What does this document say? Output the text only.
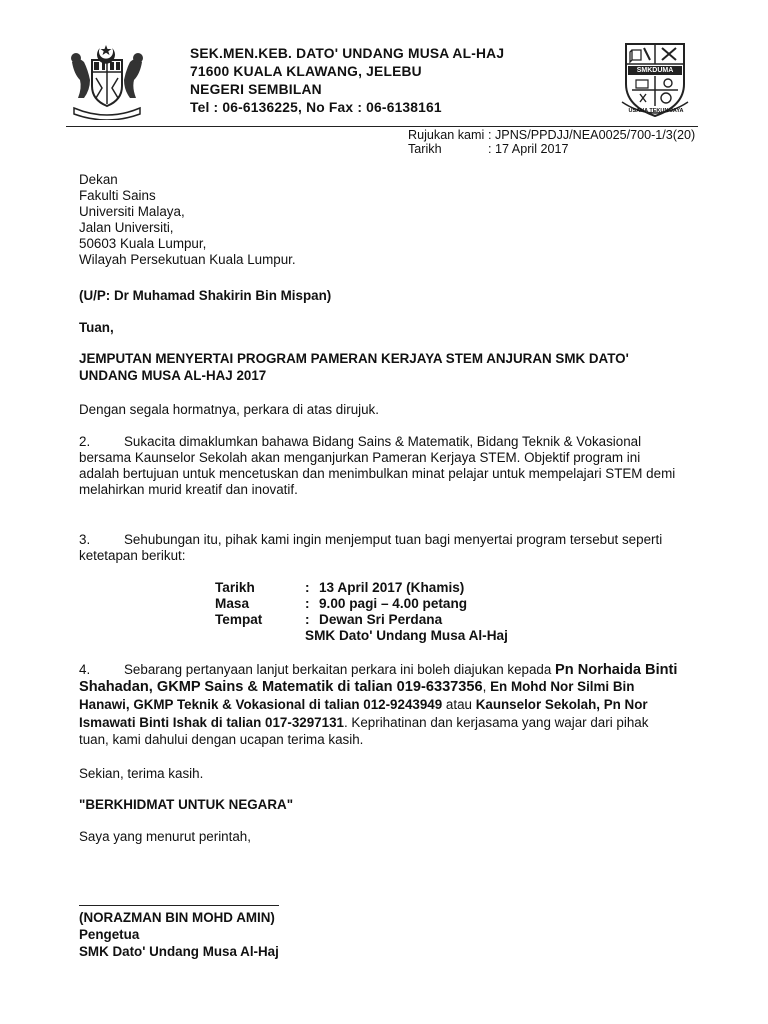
SEK.MEN.KEB. DATO' UNDANG MUSA AL-HAJ
71600 KUALA KLAWANG, JELEBU
NEGERI SEMBILAN
Tel : 06-6136225, No Fax : 06-6138161
SMKDUMA
USAHA TEKUN JAYA
Rujukan kami : JPNS/PPDJJ/NEA0025/700-1/3(20)
Tarikh	: 17 April 2017
Dekan
Fakulti Sains
Universiti Malaya,
Jalan Universiti,
50603 Kuala Lumpur,
Wilayah Persekutuan Kuala Lumpur.
(U/P: Dr Muhamad Shakirin Bin Mispan)
Tuan,
JEMPUTAN MENYERTAI PROGRAM PAMERAN KERJAYA STEM ANJURAN SMK DATO'
UNDANG MUSA AL-HAJ 2017
Dengan segala hormatnya, perkara di atas dirujuk.
2.	Sukacita dimaklumkan bahawa Bidang Sains & Matematik, Bidang Teknik & Vokasional
bersama Kaunselor Sekolah akan menganjurkan Pameran Kerjaya STEM. Objektif program ini
adalah bertujuan untuk mencetuskan dan menimbulkan minat pelajar untuk mempelajari STEM demi
melahirkan murid kreatif dan inovatif.
3.	Sehubungan itu, pihak kami ingin menjemput tuan bagi menyertai program tersebut seperti
ketetapan berikut:
Tarikh	: 13 April 2017 (Khamis)
Masa	: 9.00 pagi – 4.00 petang
Tempat	: Dewan Sri Perdana
SMK Dato' Undang Musa Al-Haj
4.	Sebarang pertanyaan lanjut berkaitan perkara ini boleh diajukan kepada Pn Norhaida Binti
Shahadan, GKMP Sains & Matematik di talian 019-6337356, En Mohd Nor Silmi Bin
Hanawi, GKMP Teknik & Vokasional di talian 012-9243949 atau Kaunselor Sekolah, Pn Nor
Ismawati Binti Ishak di talian 017-3297131. Keprihatinan dan kerjasama yang wajar dari pihak
tuan, kami dahului dengan ucapan terima kasih.
Sekian, terima kasih.
"BERKHIDMAT UNTUK NEGARA"
Saya yang menurut perintah,
(NORAZMAN BIN MOHD AMIN)
Pengetua
SMK Dato' Undang Musa Al-Haj
